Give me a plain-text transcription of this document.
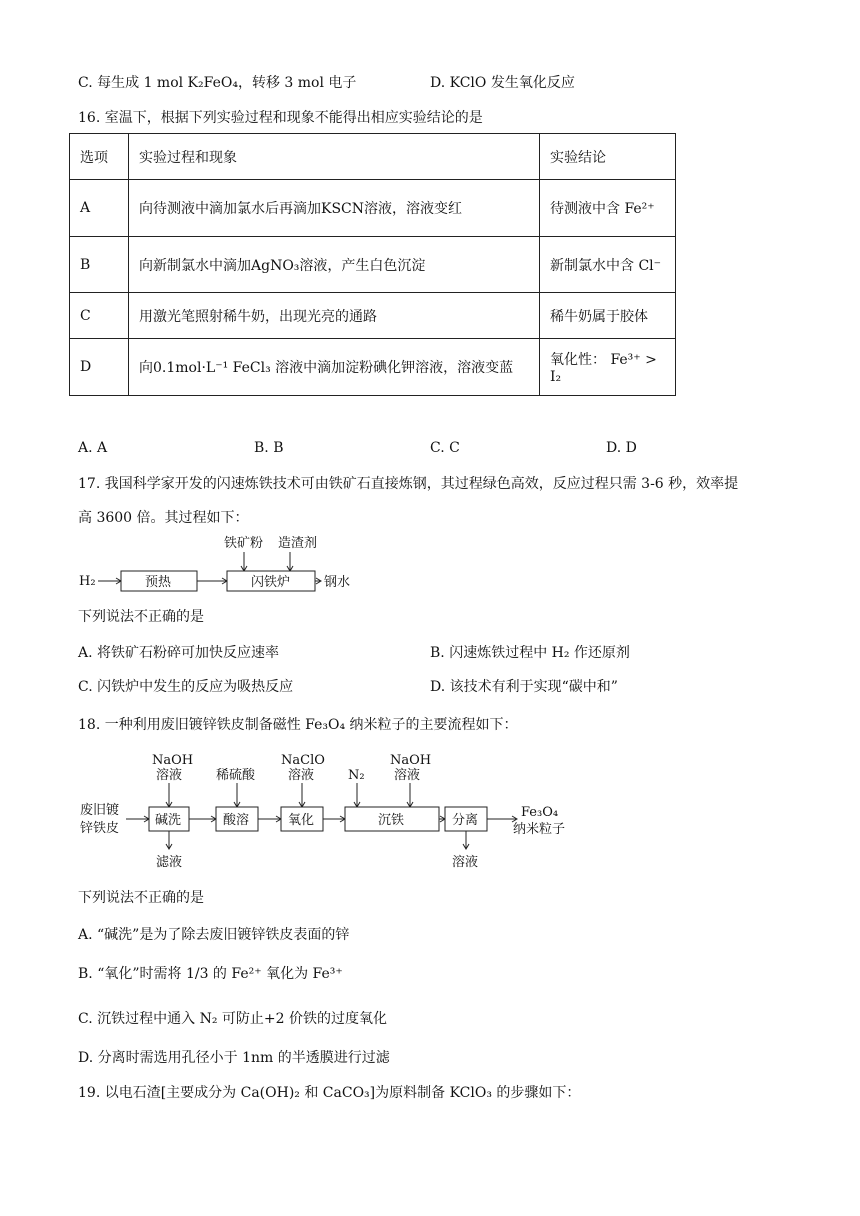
C. 每生成 1 mol K₂FeO₄，转移 3 mol 电子	D. KClO 发生氧化反应
16. 室温下，根据下列实验过程和现象不能得出相应实验结论的是
选项	实验过程和现象	实验结论
A	向待测液中滴加氯水后再滴加KSCN溶液，溶液变红	待测液中含 Fe²⁺
B	向新制氯水中滴加AgNO₃溶液，产生白色沉淀	新制氯水中含 Cl⁻
C	用激光笔照射稀牛奶，出现光亮的通路	稀牛奶属于胶体
D	向0.1mol·L⁻¹ FeCl₃ 溶液中滴加淀粉碘化钾溶液，溶液变蓝	氧化性： Fe³⁺ > I₂
A. A	B. B	C. C	D. D
17. 我国科学家开发的闪速炼铁技术可由铁矿石直接炼钢，其过程绿色高效，反应过程只需 3-6 秒，效率提
高 3600 倍。其过程如下：
铁矿粉 造渣剂
H₂	预热	闪铁炉	钢水
下列说法不正确的是
A. 将铁矿石粉碎可加快反应速率	B. 闪速炼铁过程中 H₂ 作还原剂
C. 闪铁炉中发生的反应为吸热反应	D. 该技术有利于实现“碳中和”
18. 一种利用废旧镀锌铁皮制备磁性 Fe₃O₄ 纳米粒子的主要流程如下：
NaOH
溶液	稀硫酸
NaClO
溶液	N₂
NaOH
溶液
废旧镀
锌铁皮
碱洗	酸溶	氧化	沉铁	分离
Fe₃O₄
纳米粒子
滤液	溶液
下列说法不正确的是
A. “碱洗”是为了除去废旧镀锌铁皮表面的锌
B. “氧化”时需将 1/3 的 Fe²⁺ 氧化为 Fe³⁺
C. 沉铁过程中通入 N₂ 可防止+2 价铁的过度氧化
D. 分离时需选用孔径小于 1nm 的半透膜进行过滤
19. 以电石渣[主要成分为 Ca(OH)₂ 和 CaCO₃]为原料制备 KClO₃ 的步骤如下：
